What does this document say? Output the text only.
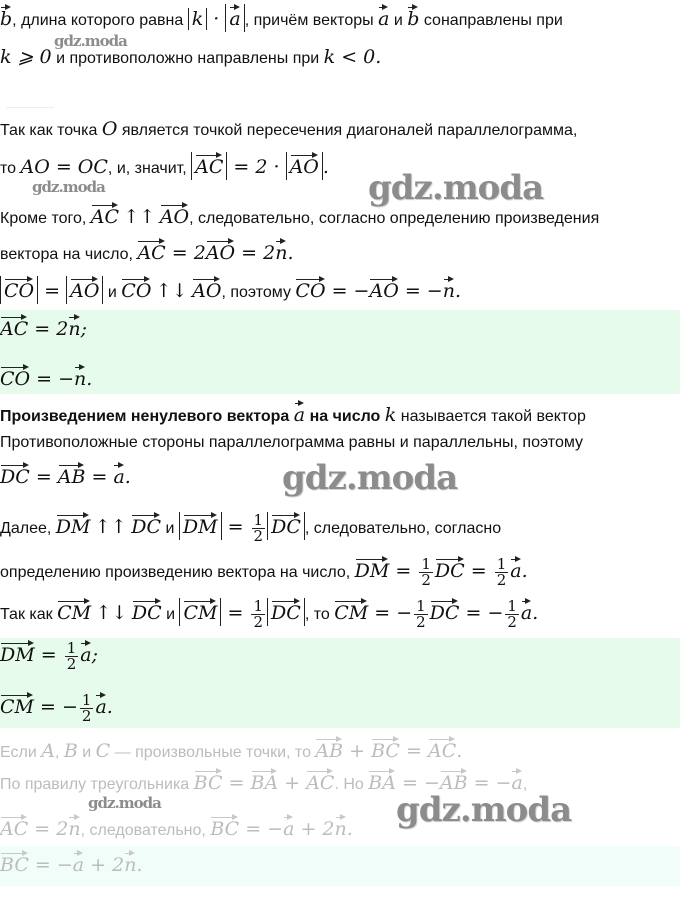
b, длина которого равна k · a , причём векторы a и b сонаправлены при
k ⩾ 0 и противоположно направлены при k < 0.
Так как точка O является точкой пересечения диагоналей параллелограмма,
то AO = OC, и, значит, AC = 2 · AO .
Кроме того, AC ↑↑ AO, следовательно, согласно определению произведения
вектора на число, AC = 2AO = 2n.
CO = AO и CO ↑↓ AO, поэтому CO = −AO = −n.
AC = 2n;
CO = −n.
Произведением ненулевого вектора a на число k называется такой вектор
Противоположные стороны параллелограмма равны и параллельны, поэтому
DC = AB = a.
Далее, DM ↑↑ DC и DM = $\frac{1}{2}$ DC , следовательно, согласно
определению произведению вектора на число, DM = $\frac{1}{2}$ DC = $\frac{1}{2} a$.
Так как CM ↑↓ DC и CM = $\frac{1}{2}$ DC , то CM = − $\frac{1}{2}$ DC = − $\frac{1}{2} a$.
DM = $\frac{1}{2} a$;
CM = − $\frac{1}{2} a$.
Если A, B и C — произвольные точки, то AB + BC = AC.
По правилу треугольника BC = BA + AC. Но BA = −AB = −a,
AC = 2n, следовательно, BC = −a + 2n.
BC = −a + 2n.
gdz.moda
gdz.moda	gdz.moda
gdz.moda
gdz.moda	gdz.moda
